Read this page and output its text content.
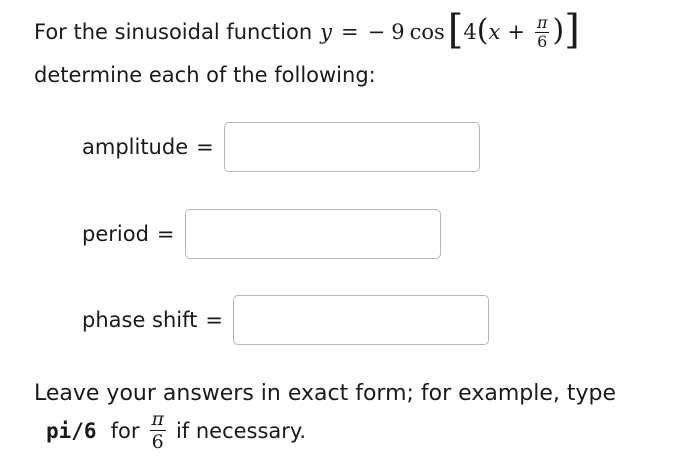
For the sinusoidal function y = − 9 cos [ 4 ( $x + \frac{\pi}{6}$ ) ]
determine each of the following:
amplitude =
period =
phase shift =
Leave your answers in exact form; for example, type
pi/6 for $\frac{\pi}{6}$ if necessary.
